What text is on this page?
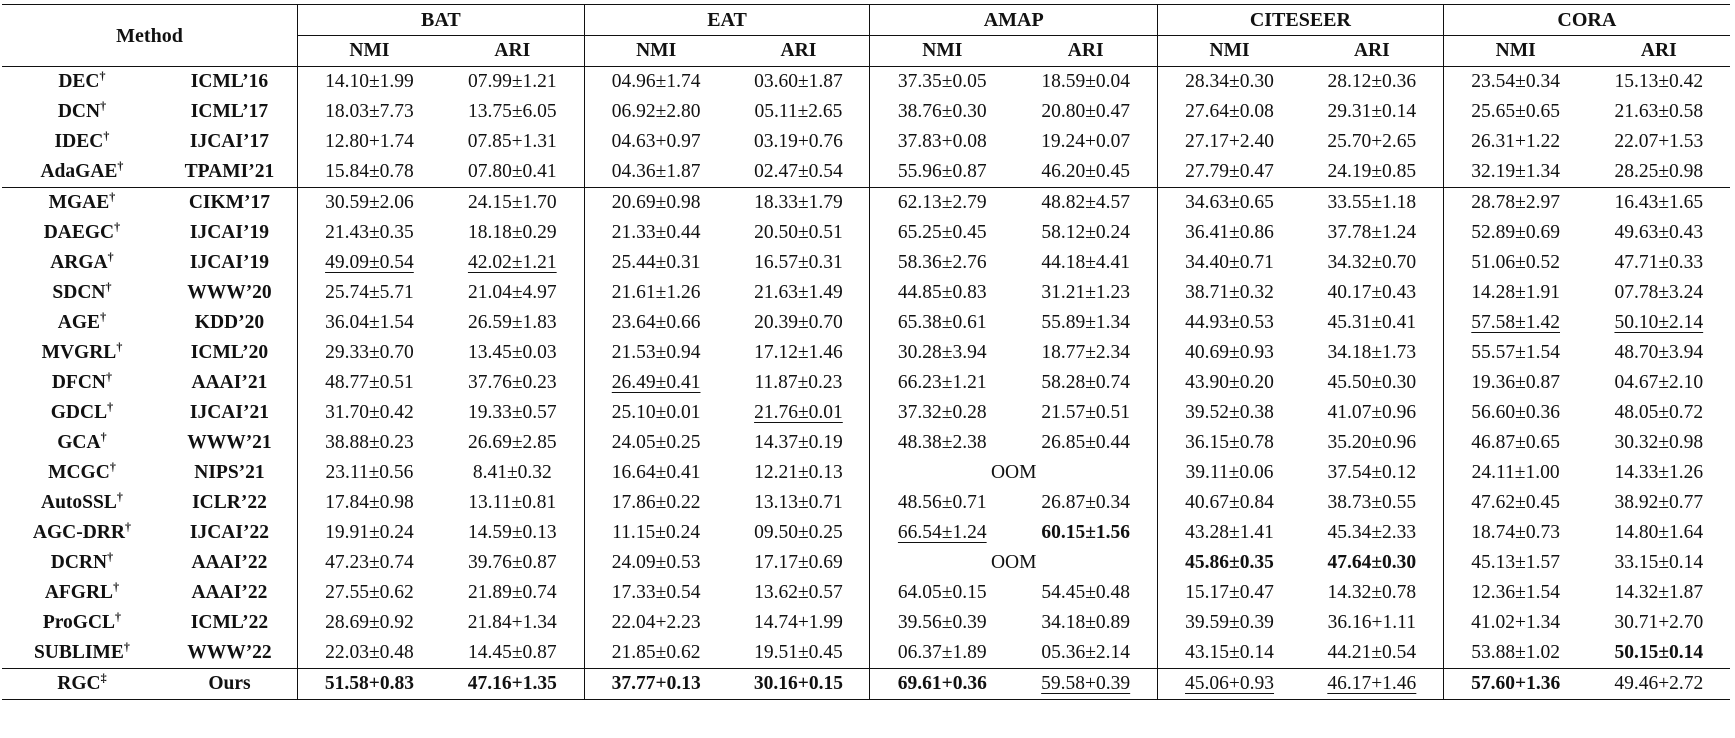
Method		BAT		EAT		AMAP		CITESEER		CORA	
		NMI	ARI	NMI	ARI	NMI	ARI	NMI	ARI	NMI	ARI
DEC†	ICML’16	14.10±1.99	07.99±1.21	04.96±1.74	03.60±1.87	37.35±0.05	18.59±0.04	28.34±0.30	28.12±0.36	23.54±0.34	15.13±0.42
DCN†	ICML’17	18.03±7.73	13.75±6.05	06.92±2.80	05.11±2.65	38.76±0.30	20.80±0.47	27.64±0.08	29.31±0.14	25.65±0.65	21.63±0.58
IDEC†	IJCAI’17	12.80+1.74	07.85+1.31	04.63+0.97	03.19+0.76	37.83+0.08	19.24+0.07	27.17+2.40	25.70+2.65	26.31+1.22	22.07+1.53
AdaGAE†	TPAMI’21	15.84±0.78	07.80±0.41	04.36±1.87	02.47±0.54	55.96±0.87	46.20±0.45	27.79±0.47	24.19±0.85	32.19±1.34	28.25±0.98
MGAE†	CIKM’17	30.59±2.06	24.15±1.70	20.69±0.98	18.33±1.79	62.13±2.79	48.82±4.57	34.63±0.65	33.55±1.18	28.78±2.97	16.43±1.65
DAEGC†	IJCAI’19	21.43±0.35	18.18±0.29	21.33±0.44	20.50±0.51	65.25±0.45	58.12±0.24	36.41±0.86	37.78±1.24	52.89±0.69	49.63±0.43
ARGA†	IJCAI’19	49.09±0.54	42.02±1.21	25.44±0.31	16.57±0.31	58.36±2.76	44.18±4.41	34.40±0.71	34.32±0.70	51.06±0.52	47.71±0.33
SDCN†	WWW’20	25.74±5.71	21.04±4.97	21.61±1.26	21.63±1.49	44.85±0.83	31.21±1.23	38.71±0.32	40.17±0.43	14.28±1.91	07.78±3.24
AGE†	KDD’20	36.04±1.54	26.59±1.83	23.64±0.66	20.39±0.70	65.38±0.61	55.89±1.34	44.93±0.53	45.31±0.41	57.58±1.42	50.10±2.14
MVGRL†	ICML’20	29.33±0.70	13.45±0.03	21.53±0.94	17.12±1.46	30.28±3.94	18.77±2.34	40.69±0.93	34.18±1.73	55.57±1.54	48.70±3.94
DFCN†	AAAI’21	48.77±0.51	37.76±0.23	26.49±0.41	11.87±0.23	66.23±1.21	58.28±0.74	43.90±0.20	45.50±0.30	19.36±0.87	04.67±2.10
GDCL†	IJCAI’21	31.70±0.42	19.33±0.57	25.10±0.01	21.76±0.01	37.32±0.28	21.57±0.51	39.52±0.38	41.07±0.96	56.60±0.36	48.05±0.72
GCA†	WWW’21	38.88±0.23	26.69±2.85	24.05±0.25	14.37±0.19	48.38±2.38	26.85±0.44	36.15±0.78	35.20±0.96	46.87±0.65	30.32±0.98
MCGC†	NIPS’21	23.11±0.56	8.41±0.32	16.64±0.41	12.21±0.13	OOM		39.11±0.06	37.54±0.12	24.11±1.00	14.33±1.26
AutoSSL†	ICLR’22	17.84±0.98	13.11±0.81	17.86±0.22	13.13±0.71	48.56±0.71	26.87±0.34	40.67±0.84	38.73±0.55	47.62±0.45	38.92±0.77
AGC-DRR†	IJCAI’22	19.91±0.24	14.59±0.13	11.15±0.24	09.50±0.25	66.54±1.24	60.15±1.56	43.28±1.41	45.34±2.33	18.74±0.73	14.80±1.64
DCRN†	AAAI’22	47.23±0.74	39.76±0.87	24.09±0.53	17.17±0.69	OOM		45.86±0.35	47.64±0.30	45.13±1.57	33.15±0.14
AFGRL†	AAAI’22	27.55±0.62	21.89±0.74	17.33±0.54	13.62±0.57	64.05±0.15	54.45±0.48	15.17±0.47	14.32±0.78	12.36±1.54	14.32±1.87
ProGCL†	ICML’22	28.69±0.92	21.84+1.34	22.04+2.23	14.74+1.99	39.56±0.39	34.18±0.89	39.59±0.39	36.16+1.11	41.02+1.34	30.71+2.70
SUBLIME†	WWW’22	22.03±0.48	14.45±0.87	21.85±0.62	19.51±0.45	06.37±1.89	05.36±2.14	43.15±0.14	44.21±0.54	53.88±1.02	50.15±0.14
RGC‡	Ours	51.58+0.83	47.16+1.35	37.77+0.13	30.16+0.15	69.61+0.36	59.58+0.39	45.06+0.93	46.17+1.46	57.60+1.36	49.46+2.72
